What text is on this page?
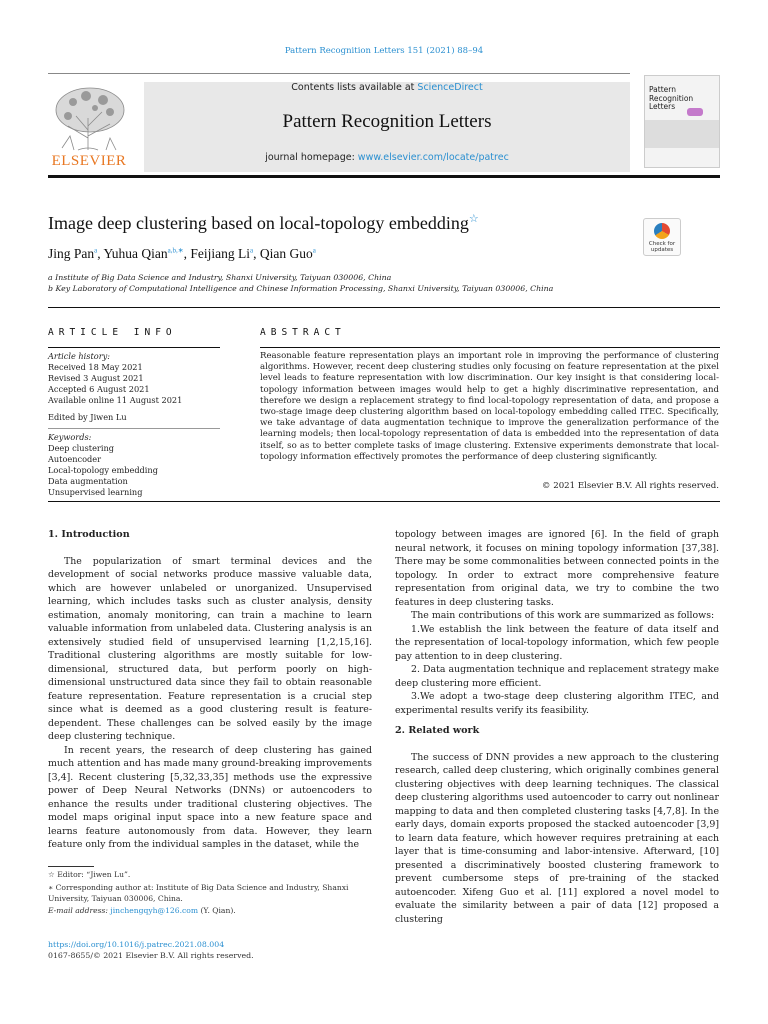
Pattern Recognition Letters 151 (2021) 88–94
ELSEVIER
Contents lists available at ScienceDirect
Pattern Recognition Letters
journal homepage: www.elsevier.com/locate/patrec
Pattern Recognition Letters
Image deep clustering based on local-topology embedding☆
Check for updates
Jing Pan$^a$, Yuhua Qian$^{a,b,∗}$, Feijiang Li$^a$, Qian Guo$^a$
a Institute of Big Data Science and Industry, Shanxi University, Taiyuan 030006, China
b Key Laboratory of Computational Intelligence and Chinese Information Processing, Shanxi University, Taiyuan 030006, China
ARTICLE INFO	ABSTRACT
Article history:
Received 18 May 2021
Revised 3 August 2021
Accepted 6 August 2021
Available online 11 August 2021
Edited by Jiwen Lu
Keywords:
Deep clustering
Autoencoder
Local-topology embedding
Data augmentation
Unsupervised learning
Reasonable feature representation plays an important role in improving the performance of clustering algorithms. However, recent deep clustering studies only focusing on feature representation at the pixel level leads to feature representation with low discrimination. Our key insight is that considering local-topology information between images would help to get a highly discriminative representation, and therefore we design a replacement strategy to find local-topology representation of data, and propose a two-stage image deep clustering algorithm based on local-topology embedding called ITEC. Specifically, we take advantage of data augmentation technique to improve the generalization performance of the learning models; then local-topology representation of data is embedded into the representation of data itself, so as to better complete tasks of image clustering. Extensive experiments demonstrate that local-topology information effectively promotes the performance of deep clustering significantly.
© 2021 Elsevier B.V. All rights reserved.

1. Introduction

The popularization of smart terminal devices and the development of social networks produce massive valuable data, which are however unlabeled or unorganized. Unsupervised learning, which includes tasks such as cluster analysis, density estimation, anomaly monitoring, can train a machine to learn valuable information from unlabeled data. Clustering analysis is an extensively studied field of unsupervised learning [1,2,15,16]. Traditional clustering algorithms are mostly suitable for low-dimensional, structured data, but perform poorly on high-dimensional unstructured data since they fail to obtain reasonable feature representation. Feature representation is a crucial step since what is deemed as a good clustering result is feature-dependent. These challenges can be solved easily by the image deep clustering technique.

In recent years, the research of deep clustering has gained much attention and has made many ground-breaking improvements [3,4]. Recent clustering [5,32,33,35] methods use the expressive power of Deep Neural Networks (DNNs) or autoencoders to enhance the results under traditional clustering objectives. The model maps original input space into a new feature space and learns feature autonomously from data. However, they learn feature only from the individual samples in the dataset, while the

topology between images are ignored [6]. In the field of graph neural network, it focuses on mining topology information [37,38]. There may be some commonalities between connected points in the topology. In order to extract more comprehensive feature representation from original data, we try to combine the two features in deep clustering tasks.

The main contributions of this work are summarized as follows:

1.We establish the link between the feature of data itself and the representation of local-topology information, which few people pay attention to in deep clustering.

2. Data augmentation technique and replacement strategy make deep clustering more efficient.

3.We adopt a two-stage deep clustering algorithm ITEC, and experimental results verify its feasibility.

2. Related work

The success of DNN provides a new approach to the clustering research, called deep clustering, which originally combines general clustering objectives with deep learning techniques. The classical deep clustering algorithms used autoencoder to carry out nonlinear mapping to data and then completed clustering tasks [4,7,8]. In the early days, domain exports proposed the stacked autoencoder [3,9] to learn data feature, which however requires pretraining at each layer that is time-consuming and labor-intensive. Afterward, [10] presented a discriminatively boosted clustering framework to prevent cumbersome steps of pre-training of the stacked autoencoder. Xifeng Guo et al. [11] explored a novel model to evaluate the similarity between a pair of data [12] proposed a clustering

☆ Editor: “Jiwen Lu”.
∗ Corresponding author at: Institute of Big Data Science and Industry, Shanxi University, Taiyuan 030006, China.
E-mail address: jinchengqyh@126.com (Y. Qian).
https://doi.org/10.1016/j.patrec.2021.08.004
0167-8655/© 2021 Elsevier B.V. All rights reserved.
